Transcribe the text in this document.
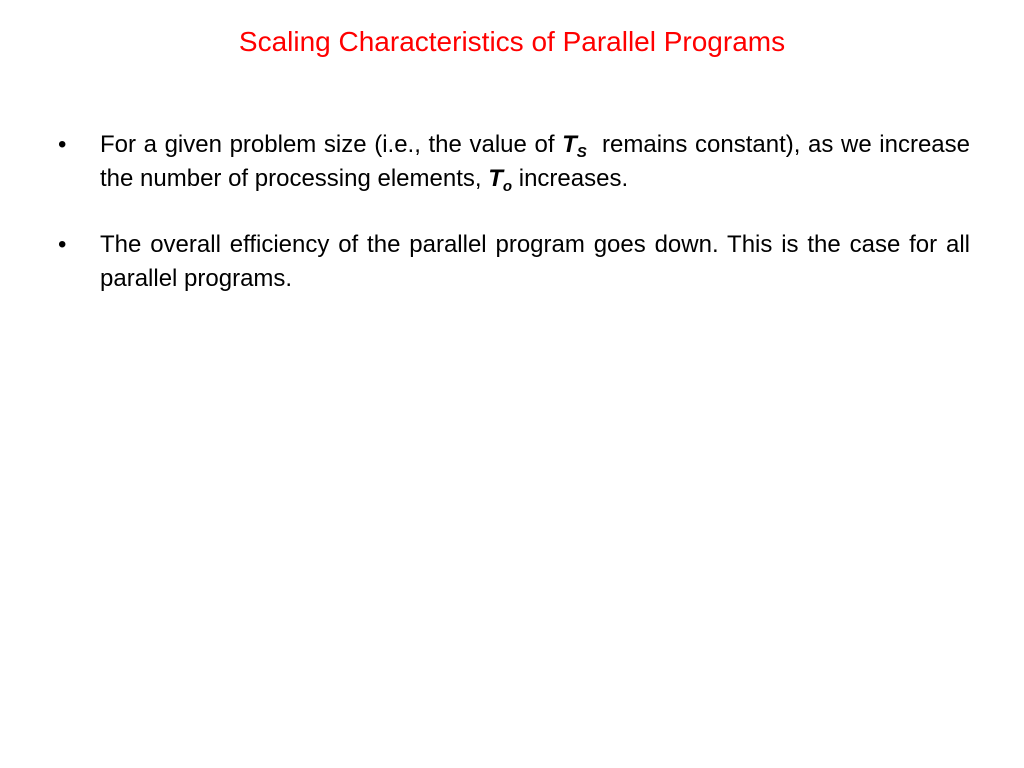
Scaling Characteristics of Parallel Programs
•	For a given problem size (i.e., the value of $T_S$  remains constant), as we increase the number of processing elements, $T_o$ increases.
•	The overall efficiency of the parallel program goes down. This is the case for all parallel programs.
